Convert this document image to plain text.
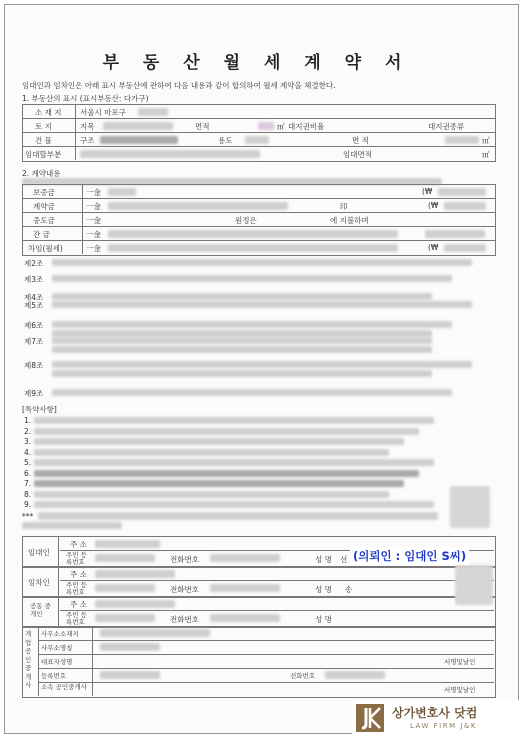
부 동 산 월 세 계 약 서
임대인과 임차인은 아래 표시 부동산에 관하여 다음 내용과 같이 합의하여 월세 계약을 체결한다.
1. 부동산의 표시 (표시부동산: 다가구)
소 재 지 서울시 마포구
토 지	지목	면적	㎡ 대지권비율	대지권종류
건 물	구조	용도	면 적	㎡
임대할부분	임대면적	㎡
2. 계약내용
보증금	一金	(₩
계약금	一金	印	(₩
중도금	一金	원정은	에 지불하며
잔 금	一金
차임(월세)	一金	(₩
제2조
제3조
제4조
제5조
제6조
제7조
제8조
제9조
[특약사항]
1.
2.
3.
4.
5.
6.
7.
8.
9.
***
임대인
주 소
주민 등록번호	전화번호	성 명 선
임차인
주 소
주민 등록번호	전화번호	성 명 송
공동 중개인
주 소
주민 등록번호	전화번호	성 명
개업공인중개사
사무소소재지
사무소명칭
대표자성명	서명및날인
등록번호	전화번호
소속 공인중개사	서명및날인
(의뢰인 : 임대인 S씨)
상가변호사 닷컴
LAW FIRM J&K
